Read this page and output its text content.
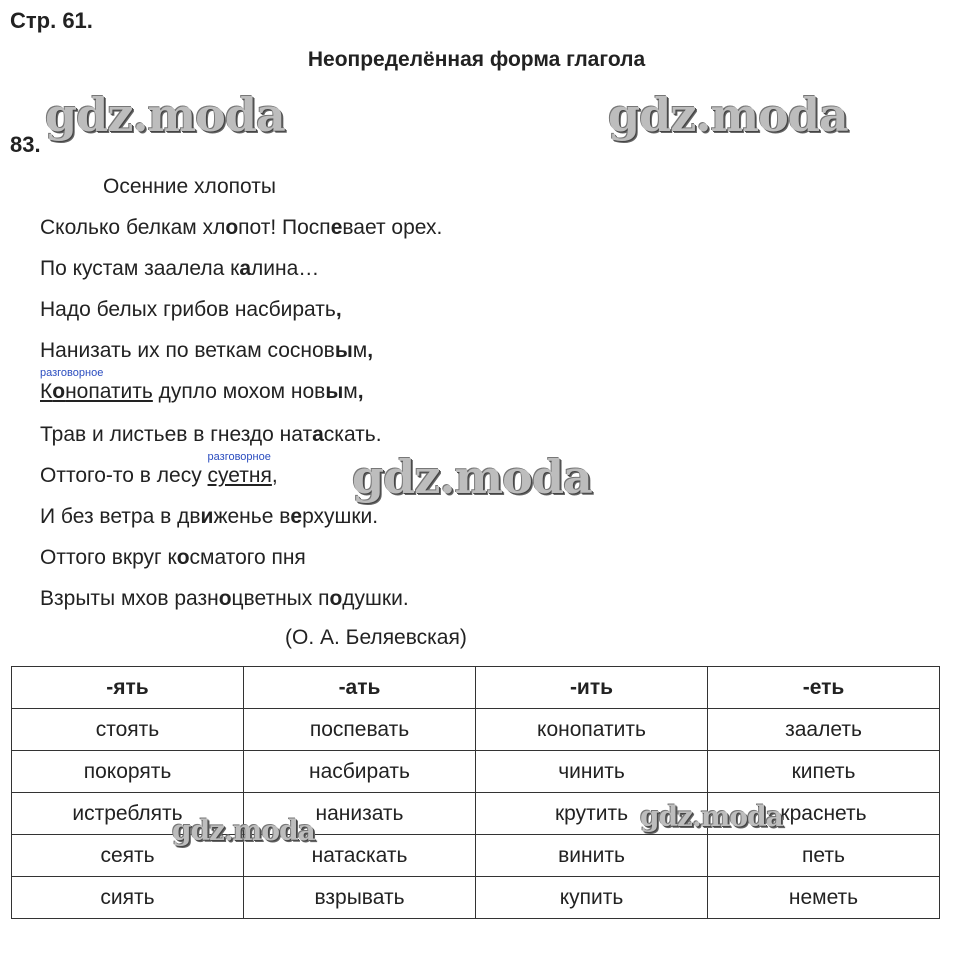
Стр. 61.
Неопределённая форма глагола
gdz.moda	gdz.moda
83.
Осенние хлопоты
Сколько белкам хлопот! Поспевает орех.
По кустам заалела калина…
Надо белых грибов насбирать,
Нанизать их по веткам сосновым,
разговорное
Конопатить дупло мохом новым,
Трав и листьев в гнездо натаскать.
Оттого-то в лесу
разговорное
суетня,
И без ветра в движенье верхушки.
Оттого вкруг косматого пня
Взрыты мхов разноцветных подушки.
gdz.moda
(О. А. Беляевская)
-ять	-ать	-ить	-еть
стоять	поспевать	конопатить	заалеть
покорять	насбирать	чинить	кипеть
истреблять	нанизать	крутить	краснеть
сеять	натаскать	винить	петь
сиять	взрывать	купить	неметь
gdz.moda	gdz.moda
